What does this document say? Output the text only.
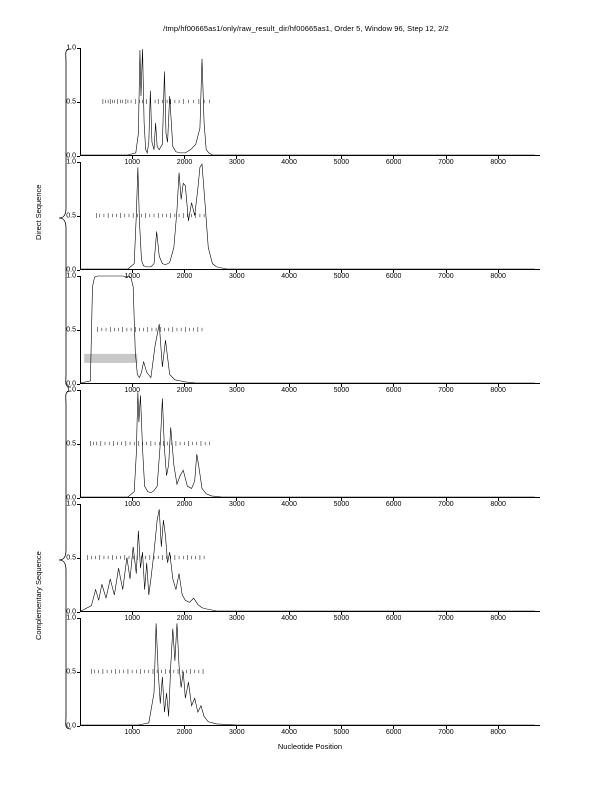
/tmp/hf00665as1/only/raw_result_dir/hf00665as1, Order 5, Window 96, Step 12, 2/2
Direct Sequence
Complementary Sequence
0.0
0.5
1.0
1000	2000	3000	4000	5000	6000	7000	8000
0.0
0.5
1.0
1000	2000	3000	4000	5000	6000	7000	8000
0.0
0.5
1.0
1000	2000	3000	4000	5000	6000	7000	8000
0.0
0.5
1.0
1000	2000	3000	4000	5000	6000	7000	8000
0.0
0.5
1.0
1000	2000	3000	4000	5000	6000	7000	8000
0.0
0.5
1.0
1000	2000	3000	4000	5000	6000	7000	8000
Nucleotide Position
